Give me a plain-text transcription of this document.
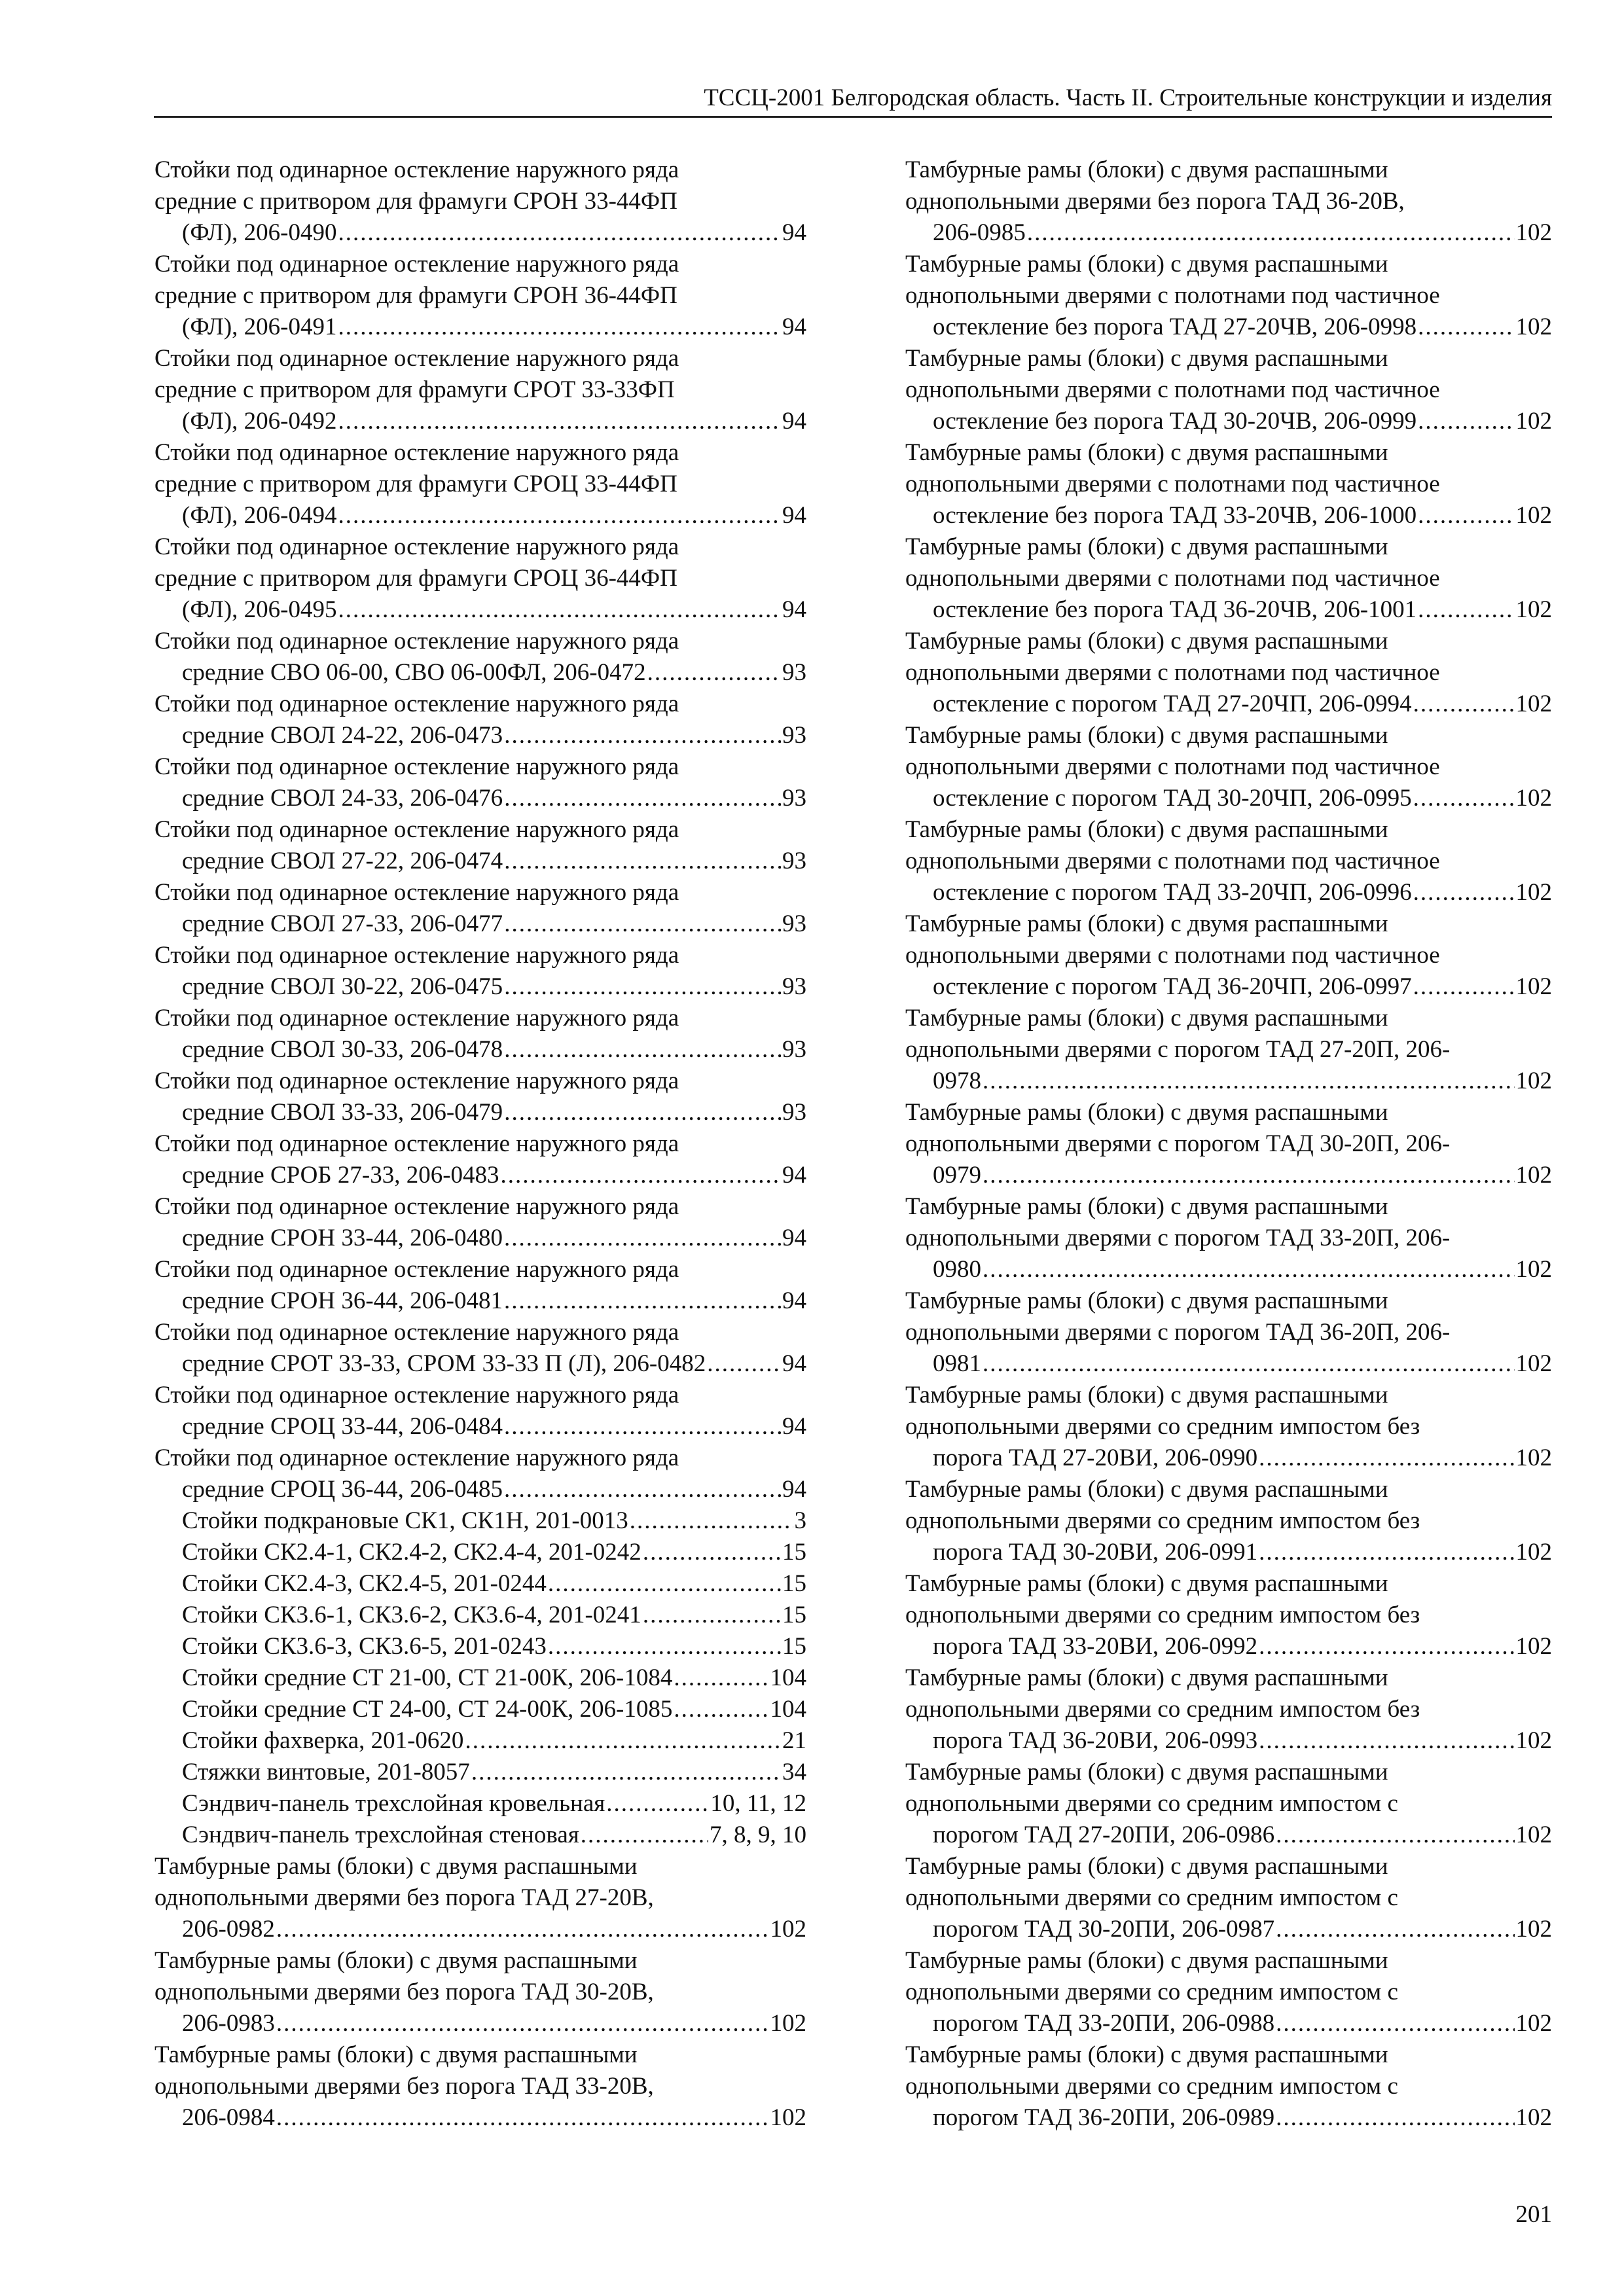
ТССЦ-2001 Белгородская область. Часть II. Строительные конструкции и изделия
Стойки под одинарное остекление наружного ряда
средние с притвором для фрамуги СРОН 33-44ФП
(ФЛ), 206-0490 .....	94
Стойки под одинарное остекление наружного ряда
средние с притвором для фрамуги СРОН 36-44ФП
(ФЛ), 206-0491 .....	94
Стойки под одинарное остекление наружного ряда
средние с притвором для фрамуги СРОТ 33-33ФП
(ФЛ), 206-0492 .....	94
Стойки под одинарное остекление наружного ряда
средние с притвором для фрамуги СРОЦ 33-44ФП
(ФЛ), 206-0494 .....	94
Стойки под одинарное остекление наружного ряда
средние с притвором для фрамуги СРОЦ 36-44ФП
(ФЛ), 206-0495 .....	94
Стойки под одинарное остекление наружного ряда
средние СВО 06-00, СВО 06-00ФЛ, 206-0472 .....	93
Стойки под одинарное остекление наружного ряда
средние СВОЛ 24-22, 206-0473 .....	93
Стойки под одинарное остекление наружного ряда
средние СВОЛ 24-33, 206-0476 .....	93
Стойки под одинарное остекление наружного ряда
средние СВОЛ 27-22, 206-0474 .....	93
Стойки под одинарное остекление наружного ряда
средние СВОЛ 27-33, 206-0477 .....	93
Стойки под одинарное остекление наружного ряда
средние СВОЛ 30-22, 206-0475 .....	93
Стойки под одинарное остекление наружного ряда
средние СВОЛ 30-33, 206-0478 .....	93
Стойки под одинарное остекление наружного ряда
средние СВОЛ 33-33, 206-0479 .....	93
Стойки под одинарное остекление наружного ряда
средние СРОБ 27-33, 206-0483 .....	94
Стойки под одинарное остекление наружного ряда
средние СРОН 33-44, 206-0480 .....	94
Стойки под одинарное остекление наружного ряда
средние СРОН 36-44, 206-0481 .....	94
Стойки под одинарное остекление наружного ряда
средние СРОТ 33-33, СРОМ 33-33 П (Л), 206-0482 .....	94
Стойки под одинарное остекление наружного ряда
средние СРОЦ 33-44, 206-0484 .....	94
Стойки под одинарное остекление наружного ряда
средние СРОЦ 36-44, 206-0485 .....	94
Стойки подкрановые СК1, СК1Н, 201-0013 .....	3
Стойки СК2.4-1, СК2.4-2, СК2.4-4, 201-0242 .....	15
Стойки СК2.4-3, СК2.4-5, 201-0244 .....	15
Стойки СК3.6-1, СК3.6-2, СК3.6-4, 201-0241 .....	15
Стойки СК3.6-3, СК3.6-5, 201-0243 .....	15
Стойки средние СТ 21-00, СТ 21-00К, 206-1084 .....	104
Стойки средние СТ 24-00, СТ 24-00К, 206-1085 .....	104
Стойки фахверка, 201-0620 .....	21
Стяжки винтовые, 201-8057 .....	34
Сэндвич-панель трехслойная кровельная .....	10, 11, 12
Сэндвич-панель трехслойная стеновая .....	7, 8, 9, 10
Тамбурные рамы (блоки) с двумя распашными
однопольными дверями без порога ТАД 27-20В,
206-0982 .....	102
Тамбурные рамы (блоки) с двумя распашными
однопольными дверями без порога ТАД 30-20В,
206-0983 .....	102
Тамбурные рамы (блоки) с двумя распашными
однопольными дверями без порога ТАД 33-20В,
206-0984 .....	102
Тамбурные рамы (блоки) с двумя распашными
однопольными дверями без порога ТАД 36-20В,
206-0985 .....	102
Тамбурные рамы (блоки) с двумя распашными
однопольными дверями с полотнами под частичное
остекление без порога ТАД 27-20ЧВ, 206-0998 .....	102
Тамбурные рамы (блоки) с двумя распашными
однопольными дверями с полотнами под частичное
остекление без порога ТАД 30-20ЧВ, 206-0999 .....	102
Тамбурные рамы (блоки) с двумя распашными
однопольными дверями с полотнами под частичное
остекление без порога ТАД 33-20ЧВ, 206-1000 .....	102
Тамбурные рамы (блоки) с двумя распашными
однопольными дверями с полотнами под частичное
остекление без порога ТАД 36-20ЧВ, 206-1001 .....	102
Тамбурные рамы (блоки) с двумя распашными
однопольными дверями с полотнами под частичное
остекление с порогом ТАД 27-20ЧП, 206-0994 .....	102
Тамбурные рамы (блоки) с двумя распашными
однопольными дверями с полотнами под частичное
остекление с порогом ТАД 30-20ЧП, 206-0995 .....	102
Тамбурные рамы (блоки) с двумя распашными
однопольными дверями с полотнами под частичное
остекление с порогом ТАД 33-20ЧП, 206-0996 .....	102
Тамбурные рамы (блоки) с двумя распашными
однопольными дверями с полотнами под частичное
остекление с порогом ТАД 36-20ЧП, 206-0997 .....	102
Тамбурные рамы (блоки) с двумя распашными
однопольными дверями с порогом ТАД 27-20П, 206-
0978 .....	102
Тамбурные рамы (блоки) с двумя распашными
однопольными дверями с порогом ТАД 30-20П, 206-
0979 .....	102
Тамбурные рамы (блоки) с двумя распашными
однопольными дверями с порогом ТАД 33-20П, 206-
0980 .....	102
Тамбурные рамы (блоки) с двумя распашными
однопольными дверями с порогом ТАД 36-20П, 206-
0981 .....	102
Тамбурные рамы (блоки) с двумя распашными
однопольными дверями со средним импостом без
порога ТАД 27-20ВИ, 206-0990 .....	102
Тамбурные рамы (блоки) с двумя распашными
однопольными дверями со средним импостом без
порога ТАД 30-20ВИ, 206-0991 .....	102
Тамбурные рамы (блоки) с двумя распашными
однопольными дверями со средним импостом без
порога ТАД 33-20ВИ, 206-0992 .....	102
Тамбурные рамы (блоки) с двумя распашными
однопольными дверями со средним импостом без
порога ТАД 36-20ВИ, 206-0993 .....	102
Тамбурные рамы (блоки) с двумя распашными
однопольными дверями со средним импостом с
порогом ТАД 27-20ПИ, 206-0986 .....	102
Тамбурные рамы (блоки) с двумя распашными
однопольными дверями со средним импостом с
порогом ТАД 30-20ПИ, 206-0987 .....	102
Тамбурные рамы (блоки) с двумя распашными
однопольными дверями со средним импостом с
порогом ТАД 33-20ПИ, 206-0988 .....	102
Тамбурные рамы (блоки) с двумя распашными
однопольными дверями со средним импостом с
порогом ТАД 36-20ПИ, 206-0989 .....	102
201
